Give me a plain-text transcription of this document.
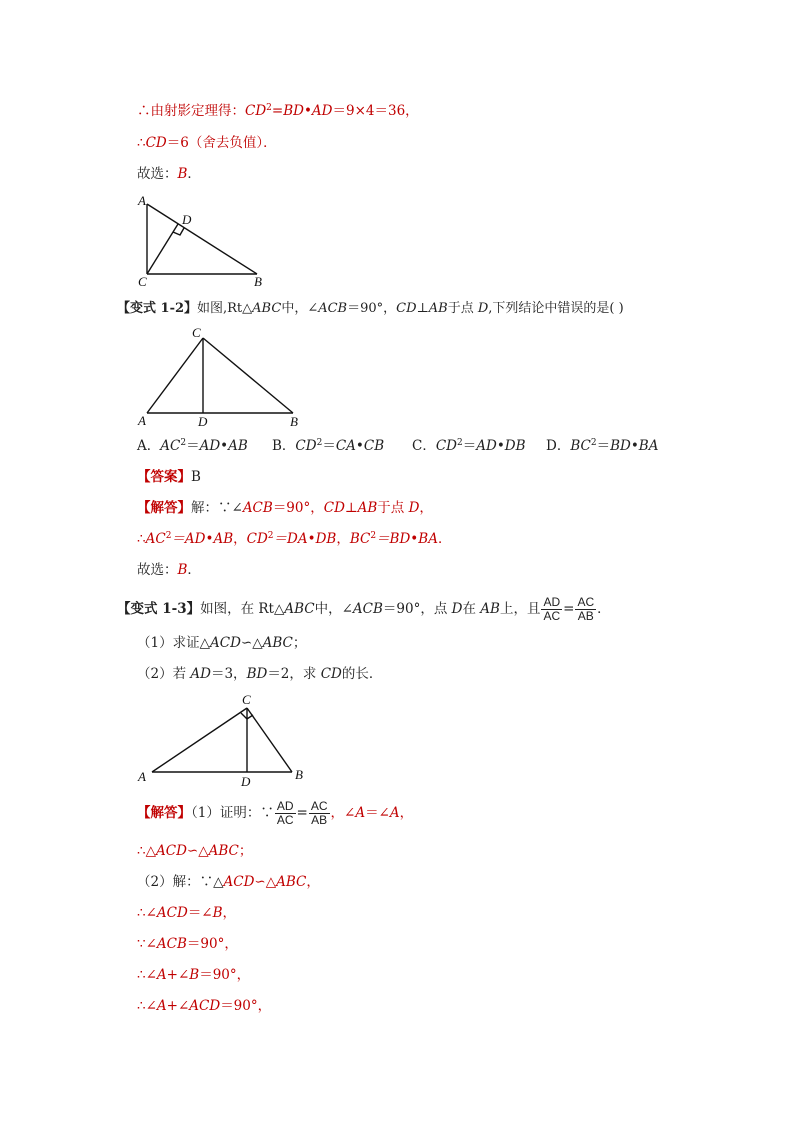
∴由射影定理得：$CD^2=BD•AD=9\times 4=36$，
∴CD＝6（舍去负值）．
故选：B．
A
D
C	B
【变式 1-2】如图,Rt△ABC中，∠ACB＝90°，CD⊥AB于点 D,下列结论中错误的是( )
C
A	D	B
A．$AC^2=AD•AB$ B．$CD^2=CA•CB$ C．$CD^2=AD•DB$ D．$BC^2=BD•BA$
【答案】B
【解答】解：∵∠ACB＝90°，CD⊥AB于点 D，
$\therefore AC^2=AD•AB$，$CD^2=DA•DB$，$BC^2=BD•BA$．
故选：B．
【变式 1-3】如图，在 Rt△ABC中，∠ACB＝90°，点 D在 AB上，且 $\frac{AD}{AC} = \frac{AC}{AB}$ ．
（1）求证△ACD∽△ABC；
（2）若 AD＝3，BD＝2，求 CD的长．
C
A	D	B
【解答】（1）证明：∵ $\frac{AD}{AC} = \frac{AC}{AB}$ ，∠A＝∠A，
∴△ACD∽△ABC；
（2）解：∵△ACD∽△ABC，
∴∠ACD＝∠B，
∵∠ACB＝90°，
∴∠A+∠B＝90°，
∴∠A+∠ACD＝90°，
